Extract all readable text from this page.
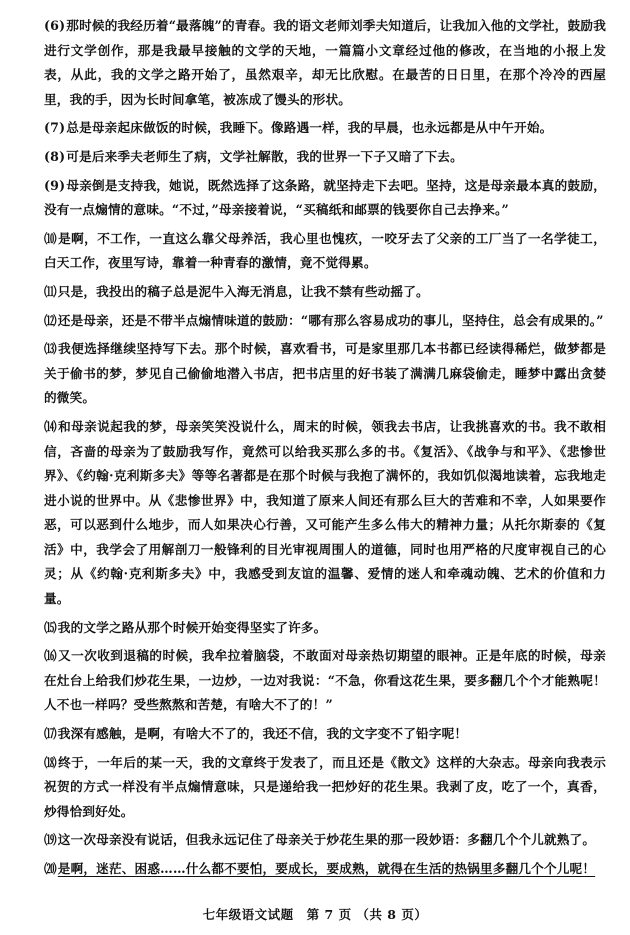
(6)那时候的我经历着“最落魄”的青春。我的语文老师刘季夫知道后，让我加入他的文学社，鼓励我进行文学创作，那是我最早接触的文学的天地，一篇篇小文章经过他的修改，在当地的小报上发表，从此，我的文学之路开始了，虽然艰辛，却无比欣慰。在最苦的日日里，在那个冷冷的西屋里，我的手，因为长时间拿笔，被冻成了馒头的形状。

(7)总是母亲起床做饭的时候，我睡下。像路遇一样，我的早晨，也永远都是从中午开始。

(8)可是后来季夫老师生了病，文学社解散，我的世界一下子又暗了下去。

(9)母亲倒是支持我，她说，既然选择了这条路，就坚持走下去吧。坚持，这是母亲最本真的鼓励，没有一点煽情的意味。“不过，”母亲接着说，“买稿纸和邮票的钱要你自己去挣来。”

⑽是啊，不工作，一直这么靠父母养活，我心里也愧疚，一咬牙去了父亲的工厂当了一名学徒工，白天工作，夜里写诗，靠着一种青春的激情，竟不觉得累。

⑾只是，我投出的稿子总是泥牛入海无消息，让我不禁有些动摇了。

⑿还是母亲，还是不带半点煽情味道的鼓励：“哪有那么容易成功的事儿，坚持住，总会有成果的。”

⒀我便选择继续坚持写下去。那个时候，喜欢看书，可是家里那几本书都已经读得稀烂，做梦都是关于偷书的梦，梦见自己偷偷地潜入书店，把书店里的好书装了满满几麻袋偷走，睡梦中露出贪婪的微笑。

⒁和母亲说起我的梦，母亲笑笑没说什么，周末的时候，领我去书店，让我挑喜欢的书。我不敢相信，吝啬的母亲为了鼓励我写作，竟然可以给我买那么多的书。《复活》、《战争与和平》、《悲惨世界》、《约翰·克利斯多夫》等等名著都是在那个时候与我抱了满怀的，我如饥似渴地读着，忘我地走进小说的世界中。从《悲惨世界》中，我知道了原来人间还有那么巨大的苦难和不幸，人如果要作恶，可以恶到什么地步，而人如果决心行善，又可能产生多么伟大的精神力量；从托尔斯泰的《复活》中，我学会了用解剖刀一般锋利的目光审视周围人的道德，同时也用严格的尺度审视自己的心灵；从《约翰·克利斯多夫》中，我感受到友谊的温馨、爱情的迷人和牵魂动魄、艺术的价值和力量。

⒂我的文学之路从那个时候开始变得坚实了许多。

⒃又一次收到退稿的时候，我牟拉着脑袋，不敢面对母亲热切期望的眼神。正是年底的时候，母亲在灶台上给我们炒花生果，一边炒，一边对我说：“不急，你看这花生果，要多翻几个个才能熟呢！人不也一样吗？受些熬熬和苦楚，有啥大不了的！”

⒄我深有感触，是啊，有啥大不了的，我还不信，我的文字变不了铅字呢！

⒅终于，一年后的某一天，我的文章终于发表了，而且还是《散文》这样的大杂志。母亲向我表示祝贺的方式一样没有半点煽情意味，只是递给我一把炒好的花生果。我剥了皮，吃了一个，真香，炒得恰到好处。

⒆这一次母亲没有说话，但我永远记住了母亲关于炒花生果的那一段妙语：多翻几个个儿就熟了。

⒇是啊，迷茫、困惑……什么都不要怕，要成长，要成熟，就得在生活的热锅里多翻几个个儿呢！

七年级语文试题　第 7 页 （共 8 页）
